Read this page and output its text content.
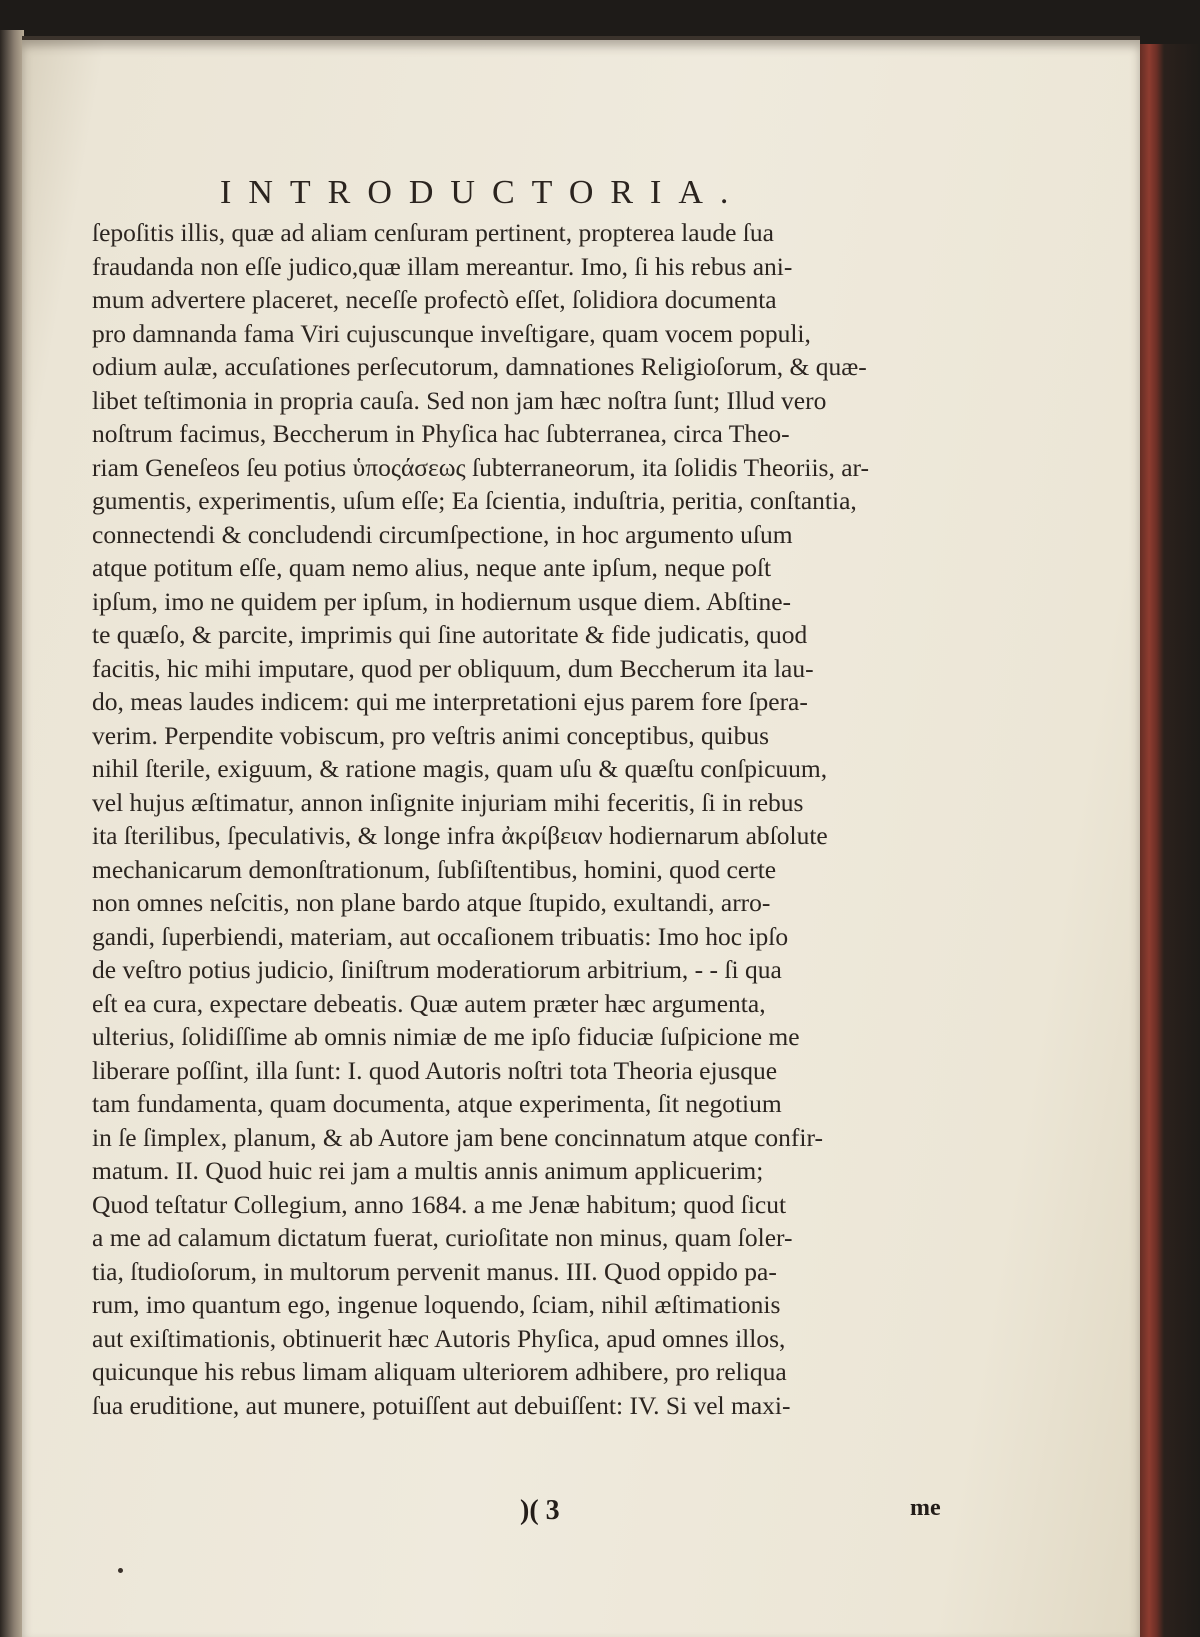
INTRODUCTORIA.
ſepoſitis illis, quæ ad aliam cenſuram pertinent, propterea laude ſua
fraudanda non eſſe judico,quæ illam mereantur. Imo, ſi his rebus ani-
mum advertere placeret, neceſſe profectò eſſet, ſolidiora documenta
pro damnanda fama Viri cujuscunque inveſtigare, quam vocem populi,
odium aulæ, accuſationes perſecutorum, damnationes Religioſorum, & quæ-
libet teſtimonia in propria cauſa. Sed non jam hæc noſtra ſunt; Illud vero
noſtrum facimus, Beccherum in Phyſica hac ſubterranea, circa Theo-
riam Geneſeos ſeu potius ὑποςάσεως ſubterraneorum, ita ſolidis Theoriis, ar-
gumentis, experimentis, uſum eſſe; Ea ſcientia, induſtria, peritia, conſtantia,
connectendi & concludendi circumſpectione, in hoc argumento uſum
atque potitum eſſe, quam nemo alius, neque ante ipſum, neque poſt
ipſum, imo ne quidem per ipſum, in hodiernum usque diem. Abſtine-
te quæſo, & parcite, imprimis qui ſine autoritate & fide judicatis, quod
facitis, hic mihi imputare, quod per obliquum, dum Beccherum ita lau-
do, meas laudes indicem: qui me interpretationi ejus parem fore ſpera-
verim. Perpendite vobiscum, pro veſtris animi conceptibus, quibus
nihil ſterile, exiguum, & ratione magis, quam uſu & quæſtu conſpicuum,
vel hujus æſtimatur, annon inſignite injuriam mihi feceritis, ſi in rebus
ita ſterilibus, ſpeculativis, & longe infra ἀκρίβειαν hodiernarum abſolute
mechanicarum demonſtrationum, ſubſiſtentibus, homini, quod certe
non omnes neſcitis, non plane bardo atque ſtupido, exultandi, arro-
gandi, ſuperbiendi, materiam, aut occaſionem tribuatis: Imo hoc ipſo
de veſtro potius judicio, ſiniſtrum moderatiorum arbitrium, - - ſi qua
eſt ea cura, expectare debeatis. Quæ autem præter hæc argumenta,
ulterius, ſolidiſſime ab omnis nimiæ de me ipſo fiduciæ ſuſpicione me
liberare poſſint, illa ſunt: I. quod Autoris noſtri tota Theoria ejusque
tam fundamenta, quam documenta, atque experimenta, ſit negotium
in ſe ſimplex, planum, & ab Autore jam bene concinnatum atque confir-
matum. II. Quod huic rei jam a multis annis animum applicuerim;
Quod teſtatur Collegium, anno 1684. a me Jenæ habitum; quod ſicut
a me ad calamum dictatum fuerat, curioſitate non minus, quam ſoler-
tia, ſtudioſorum, in multorum pervenit manus. III. Quod oppido pa-
rum, imo quantum ego, ingenue loquendo, ſciam, nihil æſtimationis
aut exiſtimationis, obtinuerit hæc Autoris Phyſica, apud omnes illos,
quicunque his rebus limam aliquam ulteriorem adhibere, pro reliqua
ſua eruditione, aut munere, potuiſſent aut debuiſſent: IV. Si vel maxi-
)( 3	me
